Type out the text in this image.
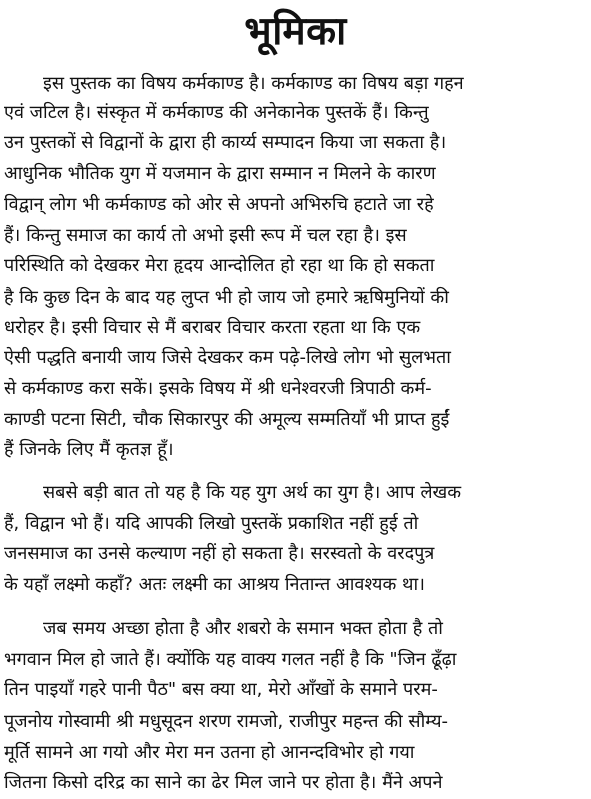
भूमिका
इस पुस्तक का विषय कर्मकाण्ड है। कर्मकाण्ड का विषय बड़ा गहन
एवं जटिल है। संस्कृत में कर्मकाण्ड की अनेकानेक पुस्तकें हैं। किन्तु
उन पुस्तकों से विद्वानों के द्वारा ही कार्य्य सम्पादन किया जा सकता है।
आधुनिक भौतिक युग में यजमान के द्वारा सम्मान न मिलने के कारण
विद्वान् लोग भी कर्मकाण्ड को ओर से अपनो अभिरुचि हटाते जा रहे
हैं। किन्तु समाज का कार्य तो अभो इसी रूप में चल रहा है। इस
परिस्थिति को देखकर मेरा हृदय आन्दोलित हो रहा था कि हो सकता
है कि कुछ दिन के बाद यह लुप्त भी हो जाय जो हमारे ऋषिमुनियों की
धरोहर है। इसी विचार से मैं बराबर विचार करता रहता था कि एक
ऐसी पद्धति बनायी जाय जिसे देखकर कम पढ़े-लिखे लोग भो सुलभता
से कर्मकाण्ड करा सकें। इसके विषय में श्री धनेश्वरजी त्रिपाठी कर्म-
काण्डी पटना सिटी, चौक सिकारपुर की अमूल्य सम्मतियाँ भी प्राप्त हुईं
हैं जिनके लिए मैं कृतज्ञ हूँ।
सबसे बड़ी बात तो यह है कि यह युग अर्थ का युग है। आप लेखक
हैं, विद्वान भो हैं। यदि आपकी लिखो पुस्तकें प्रकाशित नहीं हुई तो
जनसमाज का उनसे कल्याण नहीं हो सकता है। सरस्वतो के वरदपुत्र
के यहाँ लक्ष्मो कहाँ? अतः लक्ष्मी का आश्रय नितान्त आवश्यक था।
जब समय अच्छा होता है और शबरो के समान भक्त होता है तो
भगवान मिल हो जाते हैं। क्योंकि यह वाक्य गलत नहीं है कि "जिन ढूँढ़ा
तिन पाइयाँ गहरे पानी पैठ" बस क्या था, मेरो आँखों के समाने परम-
पूजनोय गोस्वामी श्री मधुसूदन शरण रामजो, राजीपुर महन्त की सौम्य-
मूर्ति सामने आ गयो और मेरा मन उतना हो आनन्दविभोर हो गया
जितना किसो दरिद्र का साने का ढेर मिल जाने पर होता है। मैंने अपने
